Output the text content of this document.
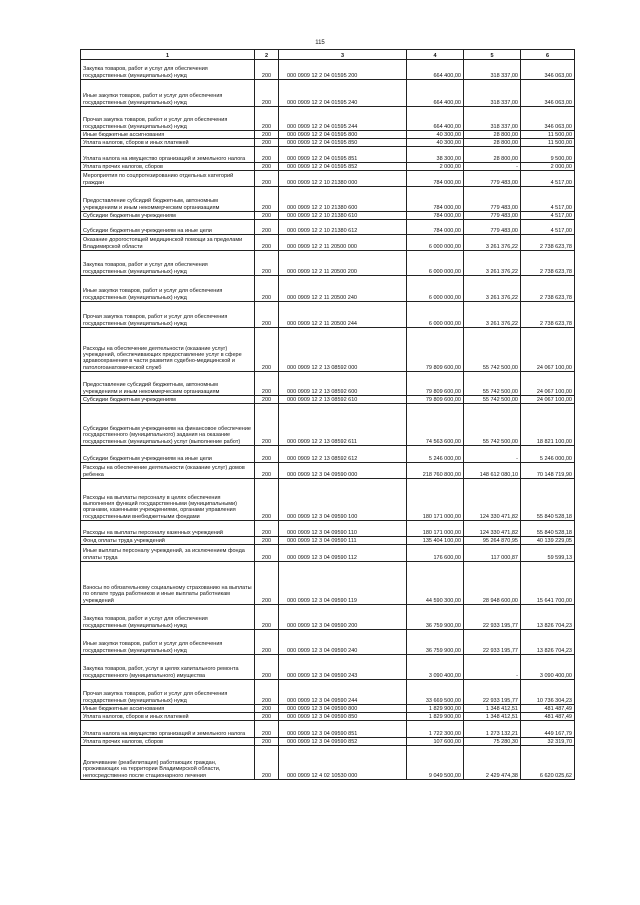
115
1	2	3	4	5	6
Закупка товаров, работ и услуг для обеспечения государственных (муниципальных) нужд	200	000 0909 12 2 04 01595 200	664 400,00	318 337,00	346 063,00
Иные закупки товаров, работ и услуг для обеспечения государственных (муниципальных) нужд	200	000 0909 12 2 04 01595 240	664 400,00	318 337,00	346 063,00
Прочая закупка товаров, работ и услуг для обеспечения государственных (муниципальных) нужд	200	000 0909 12 2 04 01595 244	664 400,00	318 337,00	346 063,00
Иные бюджетные ассигнования	200	000 0909 12 2 04 01595 800	40 300,00	28 800,00	11 500,00
Уплата налогов, сборов и иных платежей	200	000 0909 12 2 04 01595 850	40 300,00	28 800,00	11 500,00
Уплата налога на имущество организаций и земельного налога	200	000 0909 12 2 04 01595 851	38 300,00	28 800,00	9 500,00
Уплата прочих налогов, сборов	200	000 0909 12 2 04 01595 852	2 000,00	-	2 000,00
Мероприятия по соцпротезированию отдельных категорий граждан	200	000 0909 12 2 10 21380 000	784 000,00	779 483,00	4 517,00
Предоставление субсидий бюджетным, автономным учреждениям и иным некоммерческим организациям	200	000 0909 12 2 10 21380 600	784 000,00	779 483,00	4 517,00
Субсидии бюджетным учреждениям	200	000 0909 12 2 10 21380 610	784 000,00	779 483,00	4 517,00
Субсидии бюджетным учреждениям на иные цели	200	000 0909 12 2 10 21380 612	784 000,00	779 483,00	4 517,00
Оказание дорогостоящей медицинской помощи за пределами Владимирской области	200	000 0909 12 2 11 20500 000	6 000 000,00	3 261 376,22	2 738 623,78
Закупка товаров, работ и услуг для обеспечения государственных (муниципальных) нужд	200	000 0909 12 2 11 20500 200	6 000 000,00	3 261 376,22	2 738 623,78
Иные закупки товаров, работ и услуг для обеспечения государственных (муниципальных) нужд	200	000 0909 12 2 11 20500 240	6 000 000,00	3 261 376,22	2 738 623,78
Прочая закупка товаров, работ и услуг для обеспечения государственных (муниципальных) нужд	200	000 0909 12 2 11 20500 244	6 000 000,00	3 261 376,22	2 738 623,78
Расходы на обеспечение деятельности (оказание услуг) учреждений, обеспечивающих предоставление услуг в сфере здравоохранения в части развития судебно-медицинской и патологоанатомической служб	200	000 0909 12 2 13 08592 000	79 809 600,00	55 742 500,00	24 067 100,00
Предоставление субсидий бюджетным, автономным учреждениям и иным некоммерческим организациям	200	000 0909 12 2 13 08592 600	79 809 600,00	55 742 500,00	24 067 100,00
Субсидии бюджетным учреждениям	200	000 0909 12 2 13 08592 610	79 809 600,00	55 742 500,00	24 067 100,00
Субсидии бюджетным учреждениям на финансовое обеспечение государственного (муниципального) задания на оказание государственных (муниципальных) услуг (выполнение работ)	200	000 0909 12 2 13 08592 611	74 563 600,00	55 742 500,00	18 821 100,00
Субсидии бюджетным учреждениям на иные цели	200	000 0909 12 2 13 08592 612	5 246 000,00	-	5 246 000,00
Расходы на обеспечение деятельности (оказание услуг) домов ребенка	200	000 0909 12 3 04 09590 000	218 760 800,00	148 612 080,10	70 148 719,90
Расходы на выплаты персоналу в целях обеспечения выполнения функций государственными (муниципальными) органами, казенными учреждениями, органами управления государственными внебюджетными фондами	200	000 0909 12 3 04 09590 100	180 171 000,00	124 330 471,82	55 840 528,18
Расходы на выплаты персоналу казенных учреждений	200	000 0909 12 3 04 09590 110	180 171 000,00	124 330 471,82	55 840 528,18
Фонд оплаты труда учреждений	200	000 0909 12 3 04 09590 111	135 404 100,00	95 264 870,95	40 139 229,05
Иные выплаты персоналу учреждений, за исключением фонда оплаты труда	200	000 0909 12 3 04 09590 112	176 600,00	117 000,87	59 599,13
Взносы по обязательному социальному страхованию на выплаты по оплате труда работников и иные выплаты работникам учреждений	200	000 0909 12 3 04 09590 119	44 590 300,00	28 948 600,00	15 641 700,00
Закупка товаров, работ и услуг для обеспечения государственных (муниципальных) нужд	200	000 0909 12 3 04 09590 200	36 759 900,00	22 933 195,77	13 826 704,23
Иные закупки товаров, работ и услуг для обеспечения государственных (муниципальных) нужд	200	000 0909 12 3 04 09590 240	36 759 900,00	22 933 195,77	13 826 704,23
Закупка товаров, работ, услуг в целях капитального ремонта государственного (муниципального) имущества	200	000 0909 12 3 04 09590 243	3 090 400,00	-	3 090 400,00
Прочая закупка товаров, работ и услуг для обеспечения государственных (муниципальных) нужд	200	000 0909 12 3 04 09590 244	33 669 500,00	22 933 195,77	10 736 304,23
Иные бюджетные ассигнования	200	000 0909 12 3 04 09590 800	1 829 900,00	1 348 412,51	481 487,49
Уплата налогов, сборов и иных платежей	200	000 0909 12 3 04 09590 850	1 829 900,00	1 348 412,51	481 487,49
Уплата налога на имущество организаций и земельного налога	200	000 0909 12 3 04 09590 851	1 722 300,00	1 273 132,21	449 167,79
Уплата прочих налогов, сборов	200	000 0909 12 3 04 09590 852	107 600,00	75 280,30	32 319,70
Долечивание (реабилитация) работающих граждан, проживающих на территории Владимирской области, непосредственно после стационарного лечения	200	000 0909 12 4 02 10530 000	9 049 500,00	2 429 474,38	6 620 025,62
